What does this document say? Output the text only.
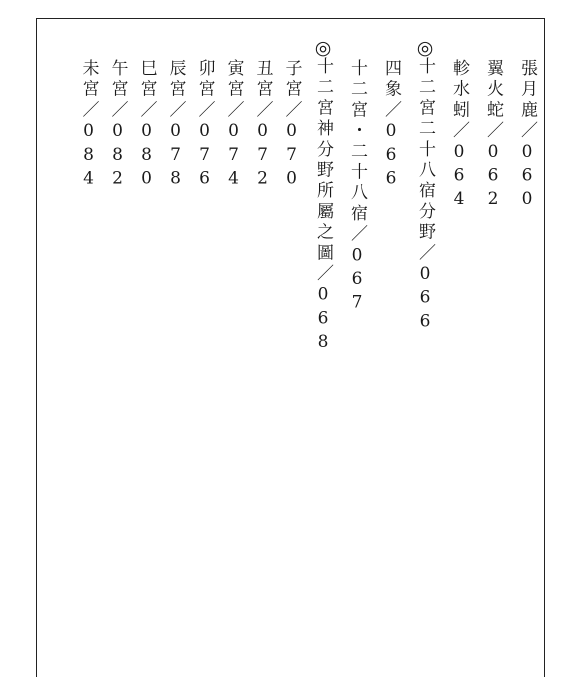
張月鹿／060
翼火蛇／062
軫水蚓／064
◎
十二宮二十八宿分野／066
四象／066
十二宮・二十八宿／067
◎
十二宮神分野所屬之圖／068
子宮／070
丑宮／072
寅宮／074
卯宮／076
辰宮／078
巳宮／080
午宮／082
未宮／084
